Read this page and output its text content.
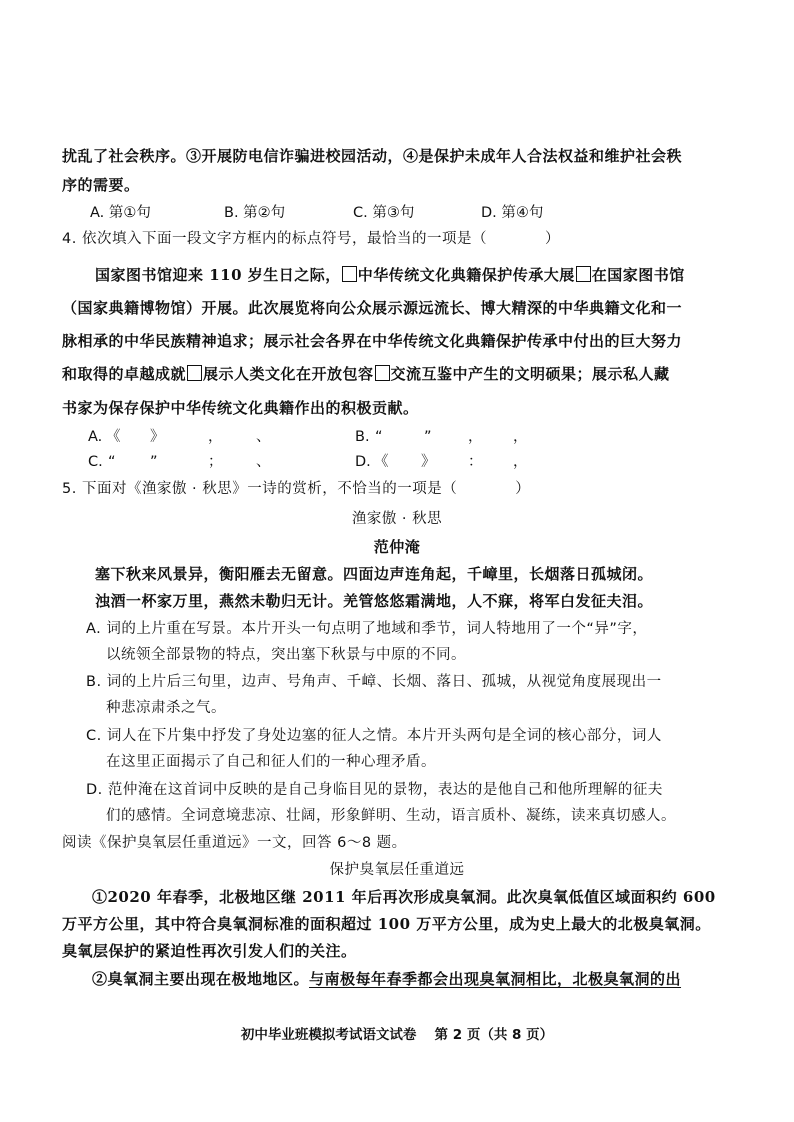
扰乱了社会秩序。③开展防电信诈骗进校园活动，④是保护未成年人合法权益和维护社会秩
序的需要。
A. 第①句	B. 第②句	C. 第③句	D. 第④句
4. 依次填入下面一段文字方框内的标点符号，最恰当的一项是（	）
国家图书馆迎来 110 岁生日之际， 中华传统文化典籍保护传承大展 在国家图书馆
（国家典籍博物馆）开展。此次展览将向公众展示源远流长、博大精深的中华典籍文化和一
脉相承的中华民族精神追求；展示社会各界在中华传统文化典籍保护传承中付出的巨大努力
和取得的卓越成就 展示人类文化在开放包容 交流互鉴中产生的文明硕果；展示私人藏
书家为保存保护中华传统文化典籍作出的积极贡献。
A. 《 》	， 、	B. “	”	， ，
C. “ ”	； 、	D. 《 》 ： ，
5. 下面对《渔家傲 · 秋思》一诗的赏析，不恰当的一项是（	）
渔家傲 · 秋思
范仲淹
塞下秋来风景异，衡阳雁去无留意。四面边声连角起，千嶂里，长烟落日孤城闭。
浊酒一杯家万里，燕然未勒归无计。羌管悠悠霜满地，人不寐，将军白发征夫泪。
A. 词的上片重在写景。本片开头一句点明了地域和季节，词人特地用了一个“异”字，
以统领全部景物的特点，突出塞下秋景与中原的不同。
B. 词的上片后三句里，边声、号角声、千嶂、长烟、落日、孤城，从视觉角度展现出一
种悲凉肃杀之气。
C. 词人在下片集中抒发了身处边塞的征人之情。本片开头两句是全词的核心部分，词人
在这里正面揭示了自己和征人们的一种心理矛盾。
D. 范仲淹在这首词中反映的是自己身临目见的景物，表达的是他自己和他所理解的征夫
们的感情。全词意境悲凉、壮阔，形象鲜明、生动，语言质朴、凝练，读来真切感人。
阅读《保护臭氧层任重道远》一文，回答 6～8 题。
保护臭氧层任重道远
①2020 年春季，北极地区继 2011 年后再次形成臭氧洞。此次臭氧低值区域面积约 600
万平方公里，其中符合臭氧洞标准的面积超过 100 万平方公里，成为史上最大的北极臭氧洞。
臭氧层保护的紧迫性再次引发人们的关注。
②臭氧洞主要出现在极地地区。与南极每年春季都会出现臭氧洞相比，北极臭氧洞的出
初中毕业班模拟考试语文试卷　 第 2 页（共 8 页）
